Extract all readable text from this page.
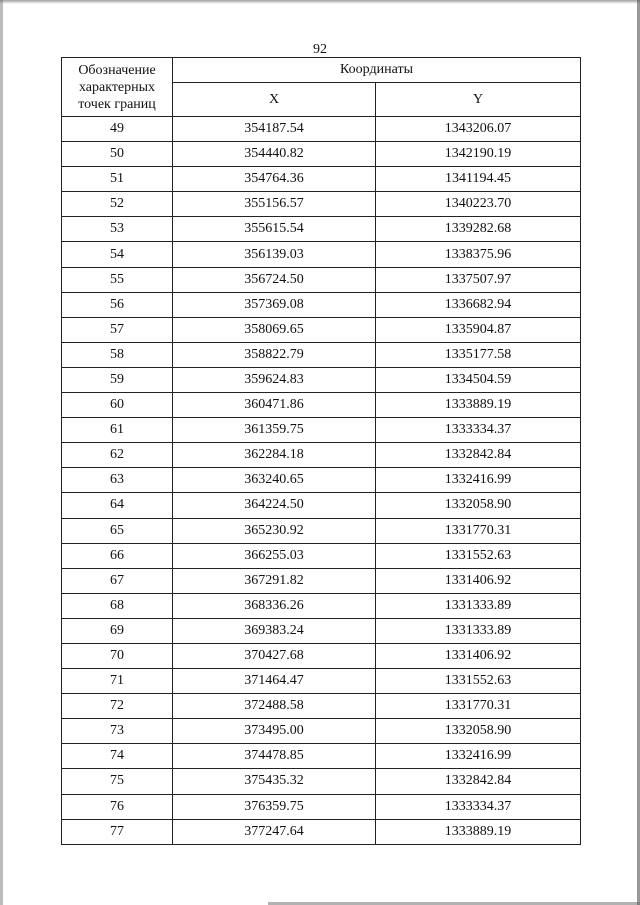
92
Обозначение
характерных
точек границ	Координаты	
	X	Y
49	354187.54	1343206.07
50	354440.82	1342190.19
51	354764.36	1341194.45
52	355156.57	1340223.70
53	355615.54	1339282.68
54	356139.03	1338375.96
55	356724.50	1337507.97
56	357369.08	1336682.94
57	358069.65	1335904.87
58	358822.79	1335177.58
59	359624.83	1334504.59
60	360471.86	1333889.19
61	361359.75	1333334.37
62	362284.18	1332842.84
63	363240.65	1332416.99
64	364224.50	1332058.90
65	365230.92	1331770.31
66	366255.03	1331552.63
67	367291.82	1331406.92
68	368336.26	1331333.89
69	369383.24	1331333.89
70	370427.68	1331406.92
71	371464.47	1331552.63
72	372488.58	1331770.31
73	373495.00	1332058.90
74	374478.85	1332416.99
75	375435.32	1332842.84
76	376359.75	1333334.37
77	377247.64	1333889.19
